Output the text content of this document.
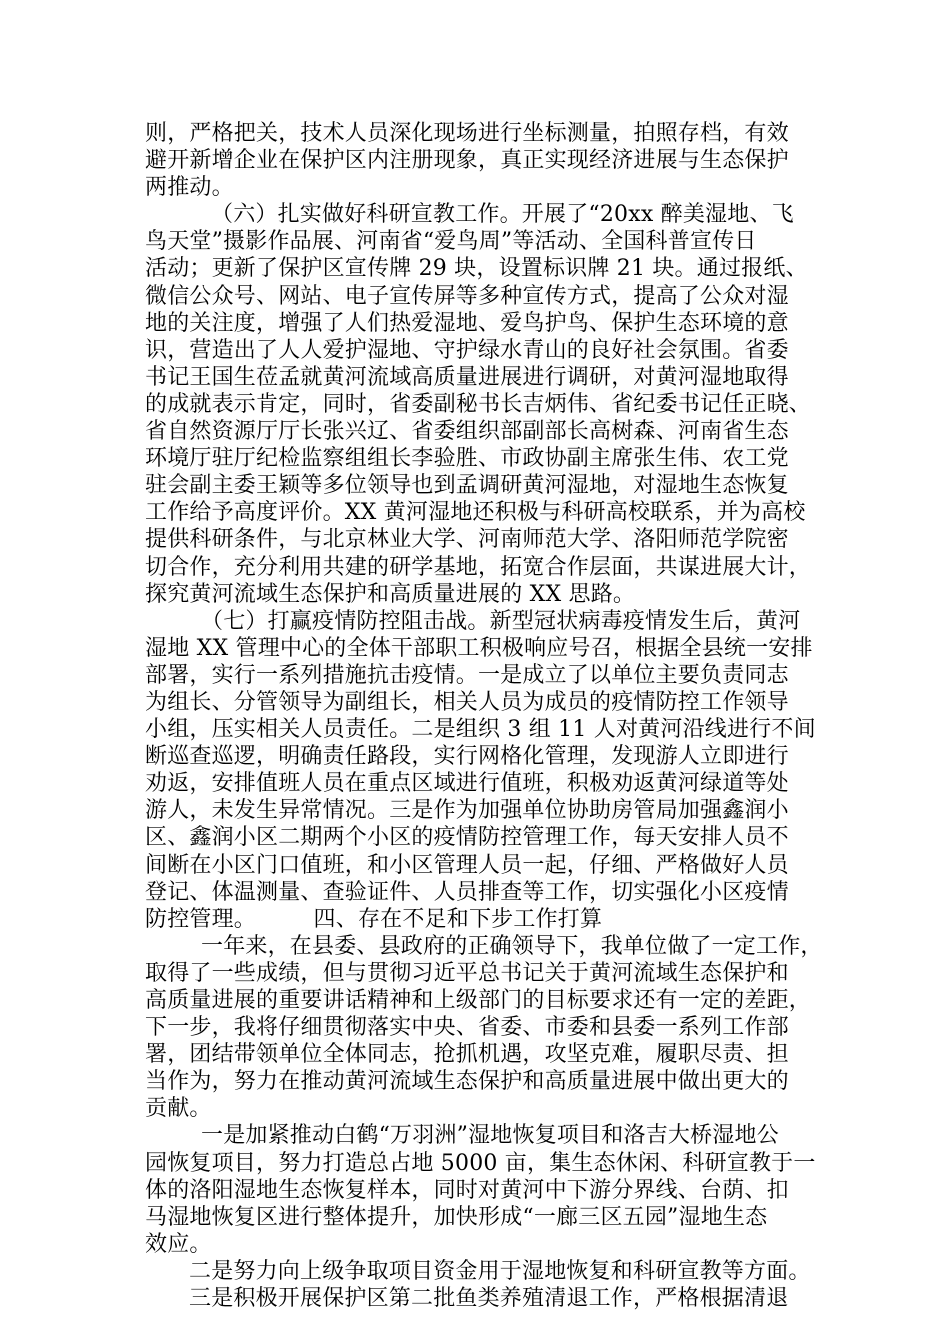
则，严格把关，技术人员深化现场进行坐标测量，拍照存档，有效
避开新增企业在保护区内注册现象，真正实现经济进展与生态保护
两推动。
（六）扎实做好科研宣教工作。开展了“20xx 醉美湿地、飞
鸟天堂”摄影作品展、河南省“爱鸟周”等活动、全国科普宣传日
活动；更新了保护区宣传牌 29 块，设置标识牌 21 块。通过报纸、
微信公众号、网站、电子宣传屏等多种宣传方式，提高了公众对湿
地的关注度，增强了人们热爱湿地、爱鸟护鸟、保护生态环境的意
识，营造出了人人爱护湿地、守护绿水青山的良好社会氛围。省委
书记王国生莅孟就黄河流域高质量进展进行调研，对黄河湿地取得
的成就表示肯定，同时，省委副秘书长吉炳伟、省纪委书记任正晓、
省自然资源厅厅长张兴辽、省委组织部副部长高树森、河南省生态
环境厅驻厅纪检监察组组长李验胜、市政协副主席张生伟、农工党
驻会副主委王颖等多位领导也到孟调研黄河湿地，对湿地生态恢复
工作给予高度评价。XX 黄河湿地还积极与科研高校联系，并为高校
提供科研条件，与北京林业大学、河南师范大学、洛阳师范学院密
切合作，充分利用共建的研学基地，拓宽合作层面，共谋进展大计，
探究黄河流域生态保护和高质量进展的 XX 思路。
（七）打赢疫情防控阻击战。新型冠状病毒疫情发生后，黄河
湿地 XX 管理中心的全体干部职工积极响应号召，根据全县统一安排
部署，实行一系列措施抗击疫情。一是成立了以单位主要负责同志
为组长、分管领导为副组长，相关人员为成员的疫情防控工作领导
小组，压实相关人员责任。二是组织 3 组 11 人对黄河沿线进行不间
断巡查巡逻，明确责任路段，实行网格化管理，发现游人立即进行
劝返，安排值班人员在重点区域进行值班，积极劝返黄河绿道等处
游人，未发生异常情况。三是作为加强单位协助房管局加强鑫润小
区、鑫润小区二期两个小区的疫情防控管理工作，每天安排人员不
间断在小区门口值班，和小区管理人员一起，仔细、严格做好人员
登记、体温测量、查验证件、人员排查等工作，切实强化小区疫情
防控管理。        四、存在不足和下步工作打算
一年来，在县委、县政府的正确领导下，我单位做了一定工作，
取得了一些成绩，但与贯彻习近平总书记关于黄河流域生态保护和
高质量进展的重要讲话精神和上级部门的目标要求还有一定的差距，
下一步，我将仔细贯彻落实中央、省委、市委和县委一系列工作部
署，团结带领单位全体同志，抢抓机遇，攻坚克难，履职尽责、担
当作为，努力在推动黄河流域生态保护和高质量进展中做出更大的
贡献。
一是加紧推动白鹤“万羽洲”湿地恢复项目和洛吉大桥湿地公
园恢复项目，努力打造总占地 5000 亩，集生态休闲、科研宣教于一
体的洛阳湿地生态恢复样本，同时对黄河中下游分界线、台荫、扣
马湿地恢复区进行整体提升，加快形成“一廊三区五园”湿地生态
效应。
二是努力向上级争取项目资金用于湿地恢复和科研宣教等方面。
三是积极开展保护区第二批鱼类养殖清退工作，严格根据清退
